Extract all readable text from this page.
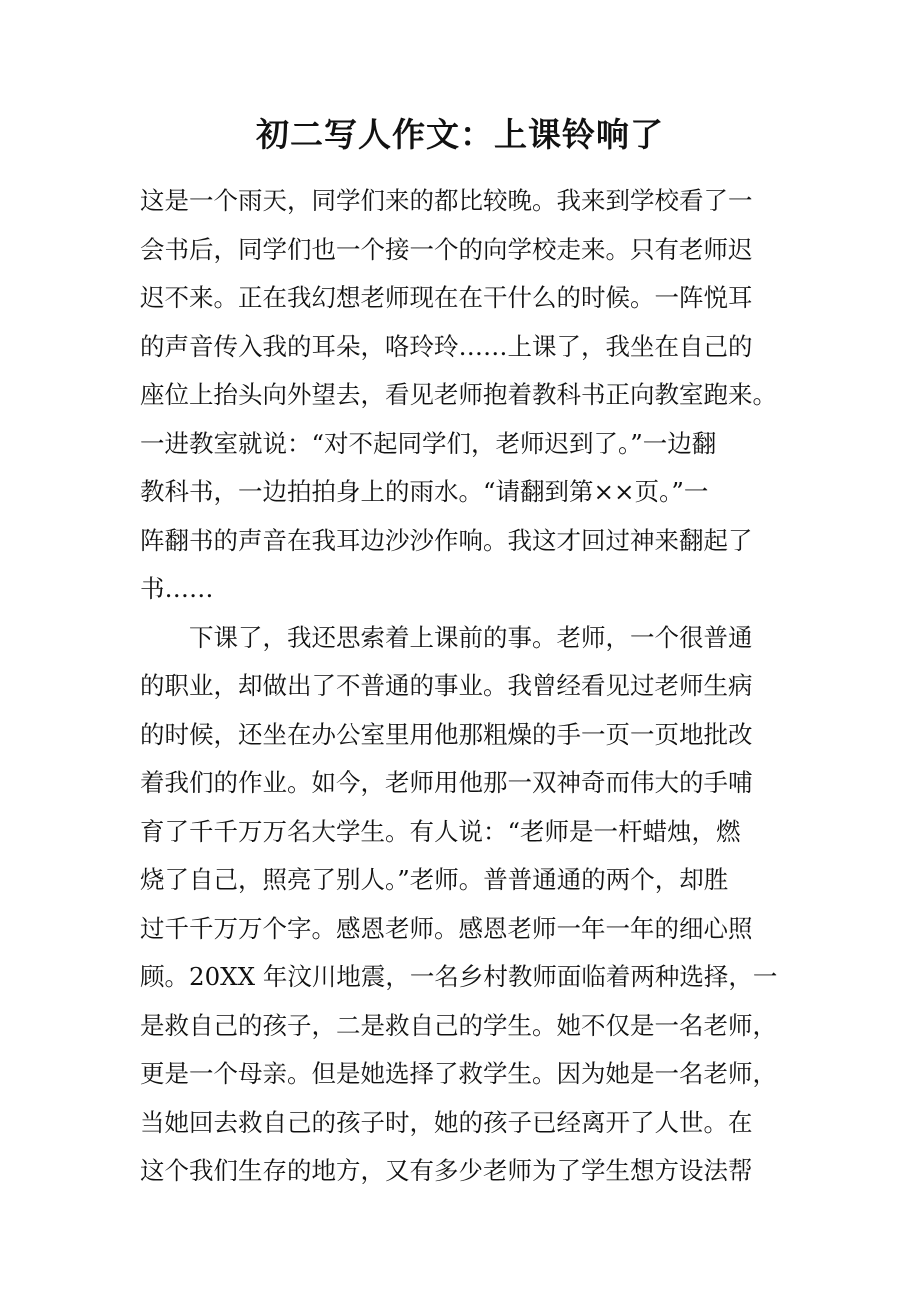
初二写人作文：上课铃响了
这是一个雨天，同学们来的都比较晚。我来到学校看了一
会书后，同学们也一个接一个的向学校走来。只有老师迟
迟不来。正在我幻想老师现在在干什么的时候。一阵悦耳
的声音传入我的耳朵，咯玲玲……上课了，我坐在自己的
座位上抬头向外望去，看见老师抱着教科书正向教室跑来。
一进教室就说：“对不起同学们，老师迟到了。”一边翻
教科书，一边拍拍身上的雨水。“请翻到第××页。”一
阵翻书的声音在我耳边沙沙作响。我这才回过神来翻起了
书……
下课了，我还思索着上课前的事。老师，一个很普通
的职业，却做出了不普通的事业。我曾经看见过老师生病
的时候，还坐在办公室里用他那粗燥的手一页一页地批改
着我们的作业。如今，老师用他那一双神奇而伟大的手哺
育了千千万万名大学生。有人说：“老师是一杆蜡烛，燃
烧了自己，照亮了别人。”老师。普普通通的两个，却胜
过千千万万个字。感恩老师。感恩老师一年一年的细心照
顾。20XX 年汶川地震，一名乡村教师面临着两种选择，一
是救自己的孩子，二是救自己的学生。她不仅是一名老师，
更是一个母亲。但是她选择了救学生。因为她是一名老师，
当她回去救自己的孩子时，她的孩子已经离开了人世。在
这个我们生存的地方，又有多少老师为了学生想方设法帮
